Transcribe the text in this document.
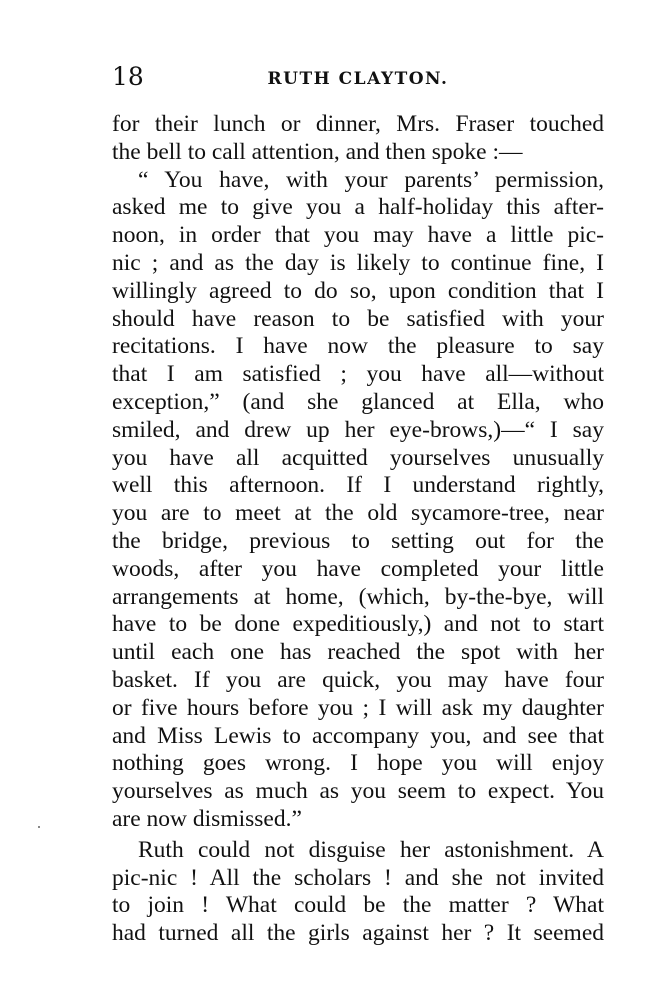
18	RUTH CLAYTON.
for their lunch or dinner, Mrs. Fraser touched
the bell to call attention, and then spoke :—
“ You have, with your parents’ permission,
asked me to give you a half-holiday this after-
noon, in order that you may have a little pic-
nic ; and as the day is likely to continue fine, I
willingly agreed to do so, upon condition that I
should have reason to be satisfied with your
recitations. I have now the pleasure to say
that I am satisfied ; you have all—without
exception,” (and she glanced at Ella, who
smiled, and drew up her eye-brows,)—“ I say
you have all acquitted yourselves unusually
well this afternoon. If I understand rightly,
you are to meet at the old sycamore-tree, near
the bridge, previous to setting out for the
woods, after you have completed your little
arrangements at home, (which, by-the-bye, will
have to be done expeditiously,) and not to start
until each one has reached the spot with her
basket. If you are quick, you may have four
or five hours before you ; I will ask my daughter
and Miss Lewis to accompany you, and see that
nothing goes wrong. I hope you will enjoy
yourselves as much as you seem to expect. You
are now dismissed.”
Ruth could not disguise her astonishment. A
pic-nic ! All the scholars ! and she not invited
to join ! What could be the matter ? What
had turned all the girls against her ? It seemed
